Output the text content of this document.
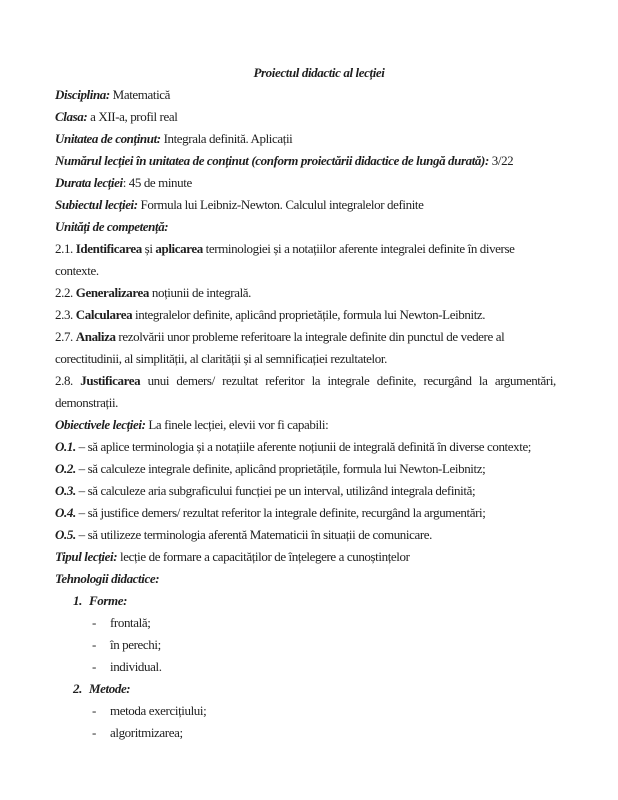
Proiectul didactic al lecției

Disciplina: Matematică

Clasa: a XII-a, profil real

Unitatea de conținut: Integrala definită. Aplicații

Numărul lecției în unitatea de conținut (conform proiectării didactice de lungă durată): 3/22

Durata lecției: 45 de minute

Subiectul lecției: Formula lui Leibniz-Newton. Calculul integralelor definite

Unități de competență:

2.1. Identificarea și aplicarea terminologiei și a notațiilor aferente integralei definite în diverse
contexte.

2.2. Generalizarea noțiunii de integrală.

2.3. Calcularea integralelor definite, aplicând proprietățile, formula lui Newton-Leibnitz.

2.7. Analiza rezolvării unor probleme referitoare la integrale definite din punctul de vedere al
corectitudinii, al simplității, al clarității și al semnificației rezultatelor.

2.8. Justificarea unui demers/ rezultat referitor la integrale definite, recurgând la argumentări,
demonstrații.

Obiectivele lecției: La finele lecției, elevii vor fi capabili:

O.1. – să aplice terminologia și a notațiile aferente noțiunii de integrală definită în diverse contexte;

O.2. – să calculeze integrale definite, aplicând proprietățile, formula lui Newton-Leibnitz;

O.3. – să calculeze aria subgraficului funcției pe un interval, utilizând integrala definită;

O.4. – să justifice demers/ rezultat referitor la integrale definite, recurgând la argumentări;

O.5. – să utilizeze terminologia aferentă Matematicii în situații de comunicare.

Tipul lecției: lecție de formare a capacităților de înțelegere a cunoștințelor

Tehnologii didactice:

1. Forme:

- frontală;

- în perechi;

- individual.

2. Metode:

- metoda exercițiului;

- algoritmizarea;
